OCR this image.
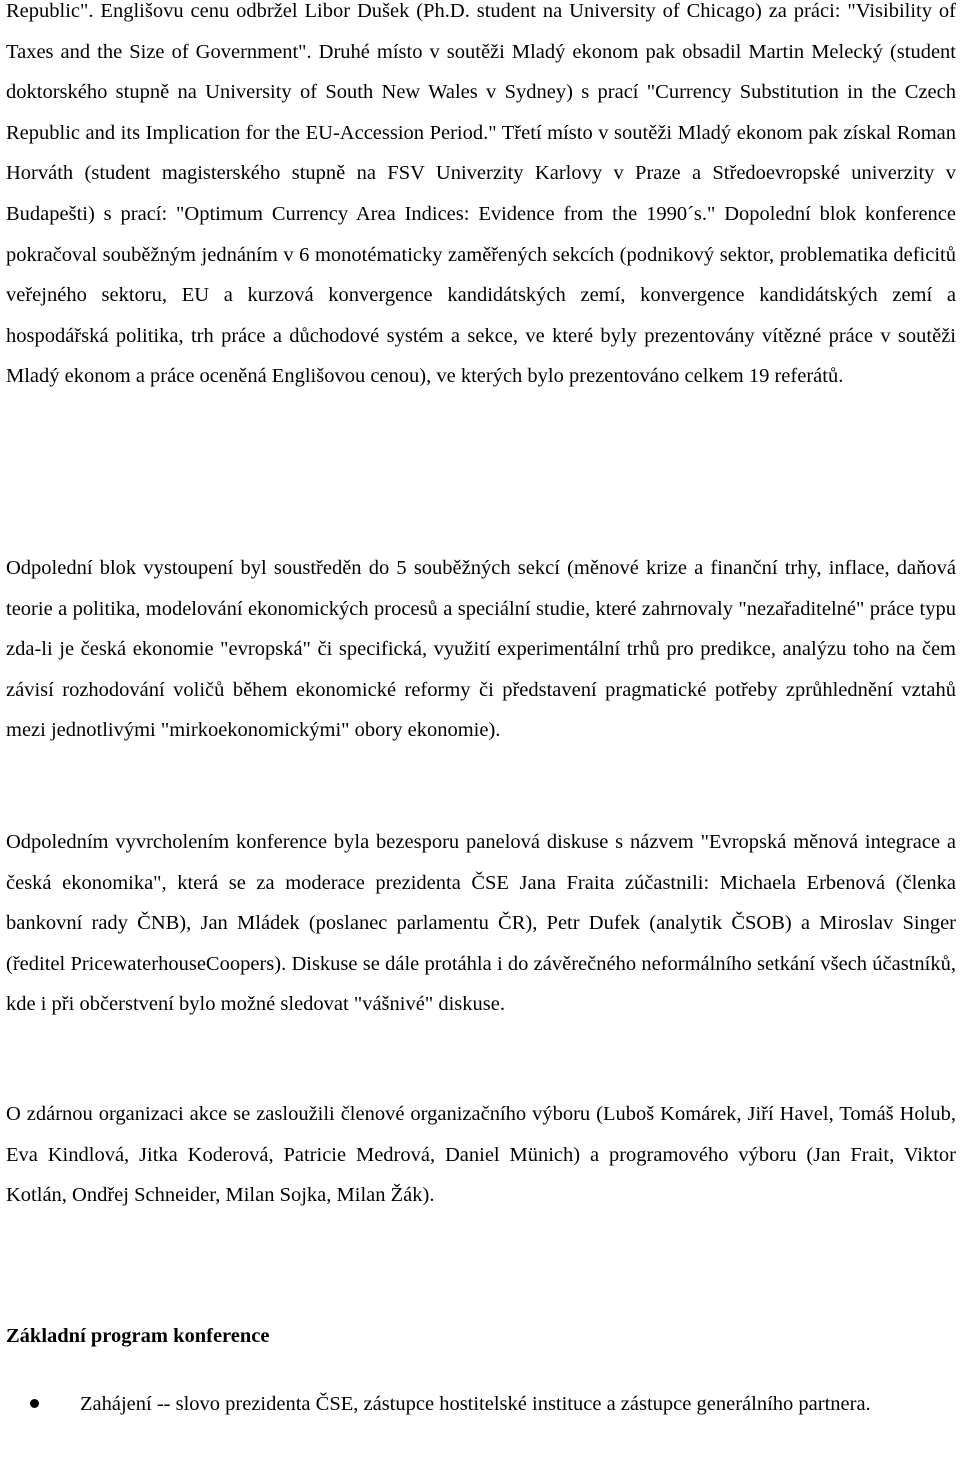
Republic". Englišovu cenu odbržel Libor Dušek (Ph.D. student na University of Chicago) za práci: "Visibility of Taxes and the Size of Government". Druhé místo v soutěži Mladý ekonom pak obsadil Martin Melecký (student doktorského stupně na University of South New Wales v Sydney) s prací "Currency Substitution in the Czech Republic and its Implication for the EU-Accession Period." Třetí místo v soutěži Mladý ekonom pak získal Roman Horváth (student magisterského stupně na FSV Univerzity Karlovy v Praze a Středoevropské univerzity v Budapešti) s prací: "Optimum Currency Area Indices: Evidence from the 1990´s." Dopolední blok konference pokračoval souběžným jednáním v 6 monotématicky zaměřených sekcích (podnikový sektor, problematika deficitů veřejného sektoru, EU a kurzová konvergence kandidátských zemí, konvergence kandidátských zemí a hospodářská politika, trh práce a důchodové systém a sekce, ve které byly prezentovány vítězné práce v soutěži Mladý ekonom a práce oceněná Englišovou cenou), ve kterých bylo prezentováno celkem 19 referátů.

Odpolední blok vystoupení byl soustředěn do 5 souběžných sekcí (měnové krize a finanční trhy, inflace, daňová teorie a politika, modelování ekonomických procesů a speciální studie, které zahrnovaly "nezařaditelné" práce typu zda-li je česká ekonomie "evropská" či specifická, využití experimentální trhů pro predikce, analýzu toho na čem závisí rozhodování voličů během ekonomické reformy či představení pragmatické potřeby zprůhlednění vztahů mezi jednotlivými "mirkoekonomickými" obory ekonomie).

Odpoledním vyvrcholením konference byla bezesporu panelová diskuse s názvem "Evropská měnová integrace a česká ekonomika", která se za moderace prezidenta ČSE Jana Fraita zúčastnili: Michaela Erbenová (členka bankovní rady ČNB), Jan Mládek (poslanec parlamentu ČR), Petr Dufek (analytik ČSOB) a Miroslav Singer (ředitel PricewaterhouseCoopers). Diskuse se dále protáhla i do závěrečného neformálního setkání všech účastníků, kde i při občerstvení bylo možné sledovat "vášnivé" diskuse.

O zdárnou organizaci akce se zasloužili členové organizačního výboru (Luboš Komárek, Jiří Havel, Tomáš Holub, Eva Kindlová, Jitka Koderová, Patricie Medrová, Daniel Münich) a programového výboru (Jan Frait, Viktor Kotlán, Ondřej Schneider, Milan Sojka, Milan Žák).

Základní program konference
Zahájení -- slovo prezidenta ČSE, zástupce hostitelské instituce a zástupce generálního partnera.
